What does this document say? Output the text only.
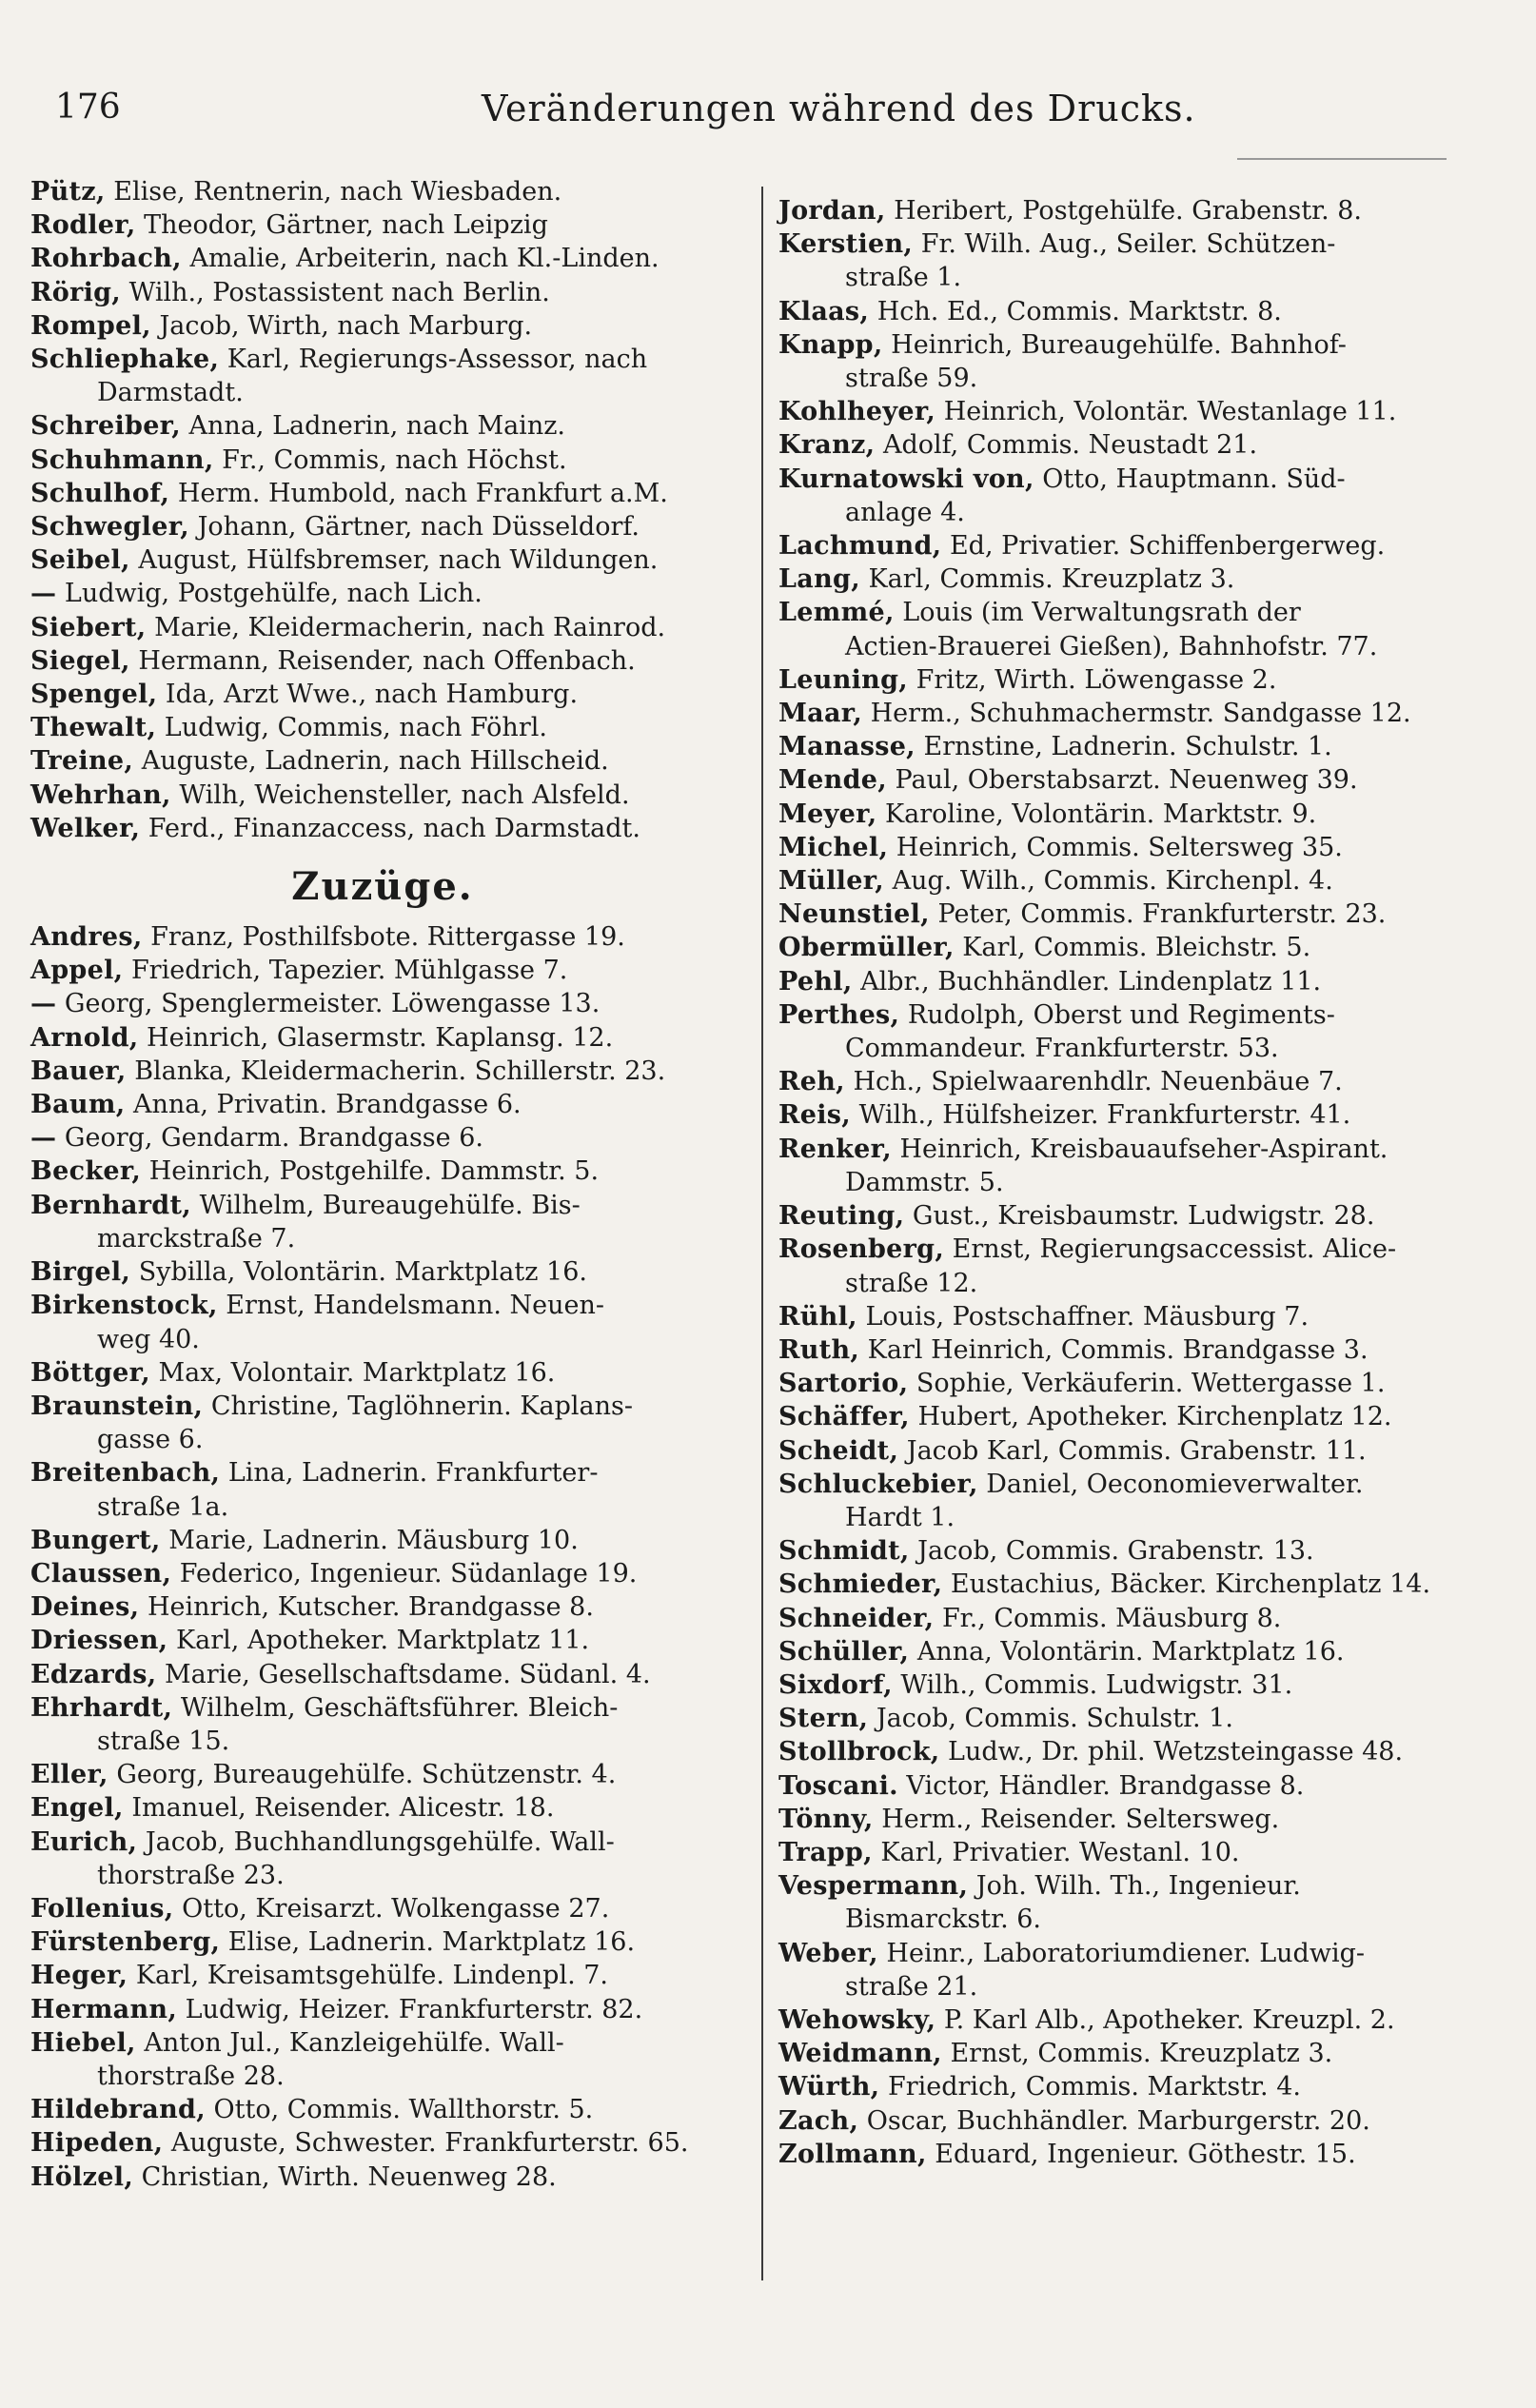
176	Veränderungen während des Drucks.
Pütz, Elise, Rentnerin, nach Wiesbaden.
Rodler, Theodor, Gärtner, nach Leipzig
Rohrbach, Amalie, Arbeiterin, nach Kl.-Linden.
Rörig, Wilh., Postassistent nach Berlin.
Rompel, Jacob, Wirth, nach Marburg.
Schliephake, Karl, Regierungs-Assessor, nach
Darmstadt.
Schreiber, Anna, Ladnerin, nach Mainz.
Schuhmann, Fr., Commis, nach Höchst.
Schulhof, Herm. Humbold, nach Frankfurt a.M.
Schwegler, Johann, Gärtner, nach Düsseldorf.
Seibel, August, Hülfsbremser, nach Wildungen.
— Ludwig, Postgehülfe, nach Lich.
Siebert, Marie, Kleidermacherin, nach Rainrod.
Siegel, Hermann, Reisender, nach Offenbach.
Spengel, Ida, Arzt Wwe., nach Hamburg.
Thewalt, Ludwig, Commis, nach Föhrl.
Treine, Auguste, Ladnerin, nach Hillscheid.
Wehrhan, Wilh, Weichensteller, nach Alsfeld.
Welker, Ferd., Finanzaccess, nach Darmstadt.
Zuzüge.
Andres, Franz, Posthilfsbote. Rittergasse 19.
Appel, Friedrich, Tapezier. Mühlgasse 7.
— Georg, Spenglermeister. Löwengasse 13.
Arnold, Heinrich, Glasermstr. Kaplansg. 12.
Bauer, Blanka, Kleidermacherin. Schillerstr. 23.
Baum, Anna, Privatin. Brandgasse 6.
— Georg, Gendarm. Brandgasse 6.
Becker, Heinrich, Postgehilfe. Dammstr. 5.
Bernhardt, Wilhelm, Bureaugehülfe. Bis-
marckstraße 7.
Birgel, Sybilla, Volontärin. Marktplatz 16.
Birkenstock, Ernst, Handelsmann. Neuen-
weg 40.
Böttger, Max, Volontair. Marktplatz 16.
Braunstein, Christine, Taglöhnerin. Kaplans-
gasse 6.
Breitenbach, Lina, Ladnerin. Frankfurter-
straße 1a.
Bungert, Marie, Ladnerin. Mäusburg 10.
Claussen, Federico, Ingenieur. Südanlage 19.
Deines, Heinrich, Kutscher. Brandgasse 8.
Driessen, Karl, Apotheker. Marktplatz 11.
Edzards, Marie, Gesellschaftsdame. Südanl. 4.
Ehrhardt, Wilhelm, Geschäftsführer. Bleich-
straße 15.
Eller, Georg, Bureaugehülfe. Schützenstr. 4.
Engel, Imanuel, Reisender. Alicestr. 18.
Eurich, Jacob, Buchhandlungsgehülfe. Wall-
thorstraße 23.
Follenius, Otto, Kreisarzt. Wolkengasse 27.
Fürstenberg, Elise, Ladnerin. Marktplatz 16.
Heger, Karl, Kreisamtsgehülfe. Lindenpl. 7.
Hermann, Ludwig, Heizer. Frankfurterstr. 82.
Hiebel, Anton Jul., Kanzleigehülfe. Wall-
thorstraße 28.
Hildebrand, Otto, Commis. Wallthorstr. 5.
Hipeden, Auguste, Schwester. Frankfurterstr. 65.
Hölzel, Christian, Wirth. Neuenweg 28.
Jordan, Heribert, Postgehülfe. Grabenstr. 8.
Kerstien, Fr. Wilh. Aug., Seiler. Schützen-
straße 1.
Klaas, Hch. Ed., Commis. Marktstr. 8.
Knapp, Heinrich, Bureaugehülfe. Bahnhof-
straße 59.
Kohlheyer, Heinrich, Volontär. Westanlage 11.
Kranz, Adolf, Commis. Neustadt 21.
Kurnatowski von, Otto, Hauptmann. Süd-
anlage 4.
Lachmund, Ed, Privatier. Schiffenbergerweg.
Lang, Karl, Commis. Kreuzplatz 3.
Lemmé, Louis (im Verwaltungsrath der
Actien-Brauerei Gießen), Bahnhofstr. 77.
Leuning, Fritz, Wirth. Löwengasse 2.
Maar, Herm., Schuhmachermstr. Sandgasse 12.
Manasse, Ernstine, Ladnerin. Schulstr. 1.
Mende, Paul, Oberstabsarzt. Neuenweg 39.
Meyer, Karoline, Volontärin. Marktstr. 9.
Michel, Heinrich, Commis. Seltersweg 35.
Müller, Aug. Wilh., Commis. Kirchenpl. 4.
Neunstiel, Peter, Commis. Frankfurterstr. 23.
Obermüller, Karl, Commis. Bleichstr. 5.
Pehl, Albr., Buchhändler. Lindenplatz 11.
Perthes, Rudolph, Oberst und Regiments-
Commandeur. Frankfurterstr. 53.
Reh, Hch., Spielwaarenhdlr. Neuenbäue 7.
Reis, Wilh., Hülfsheizer. Frankfurterstr. 41.
Renker, Heinrich, Kreisbauaufseher-Aspirant.
Dammstr. 5.
Reuting, Gust., Kreisbaumstr. Ludwigstr. 28.
Rosenberg, Ernst, Regierungsaccessist. Alice-
straße 12.
Rühl, Louis, Postschaffner. Mäusburg 7.
Ruth, Karl Heinrich, Commis. Brandgasse 3.
Sartorio, Sophie, Verkäuferin. Wettergasse 1.
Schäffer, Hubert, Apotheker. Kirchenplatz 12.
Scheidt, Jacob Karl, Commis. Grabenstr. 11.
Schluckebier, Daniel, Oeconomieverwalter.
Hardt 1.
Schmidt, Jacob, Commis. Grabenstr. 13.
Schmieder, Eustachius, Bäcker. Kirchenplatz 14.
Schneider, Fr., Commis. Mäusburg 8.
Schüller, Anna, Volontärin. Marktplatz 16.
Sixdorf, Wilh., Commis. Ludwigstr. 31.
Stern, Jacob, Commis. Schulstr. 1.
Stollbrock, Ludw., Dr. phil. Wetzsteingasse 48.
Toscani. Victor, Händler. Brandgasse 8.
Tönny, Herm., Reisender. Seltersweg.
Trapp, Karl, Privatier. Westanl. 10.
Vespermann, Joh. Wilh. Th., Ingenieur.
Bismarckstr. 6.
Weber, Heinr., Laboratoriumdiener. Ludwig-
straße 21.
Wehowsky, P. Karl Alb., Apotheker. Kreuzpl. 2.
Weidmann, Ernst, Commis. Kreuzplatz 3.
Würth, Friedrich, Commis. Marktstr. 4.
Zach, Oscar, Buchhändler. Marburgerstr. 20.
Zollmann, Eduard, Ingenieur. Göthestr. 15.
